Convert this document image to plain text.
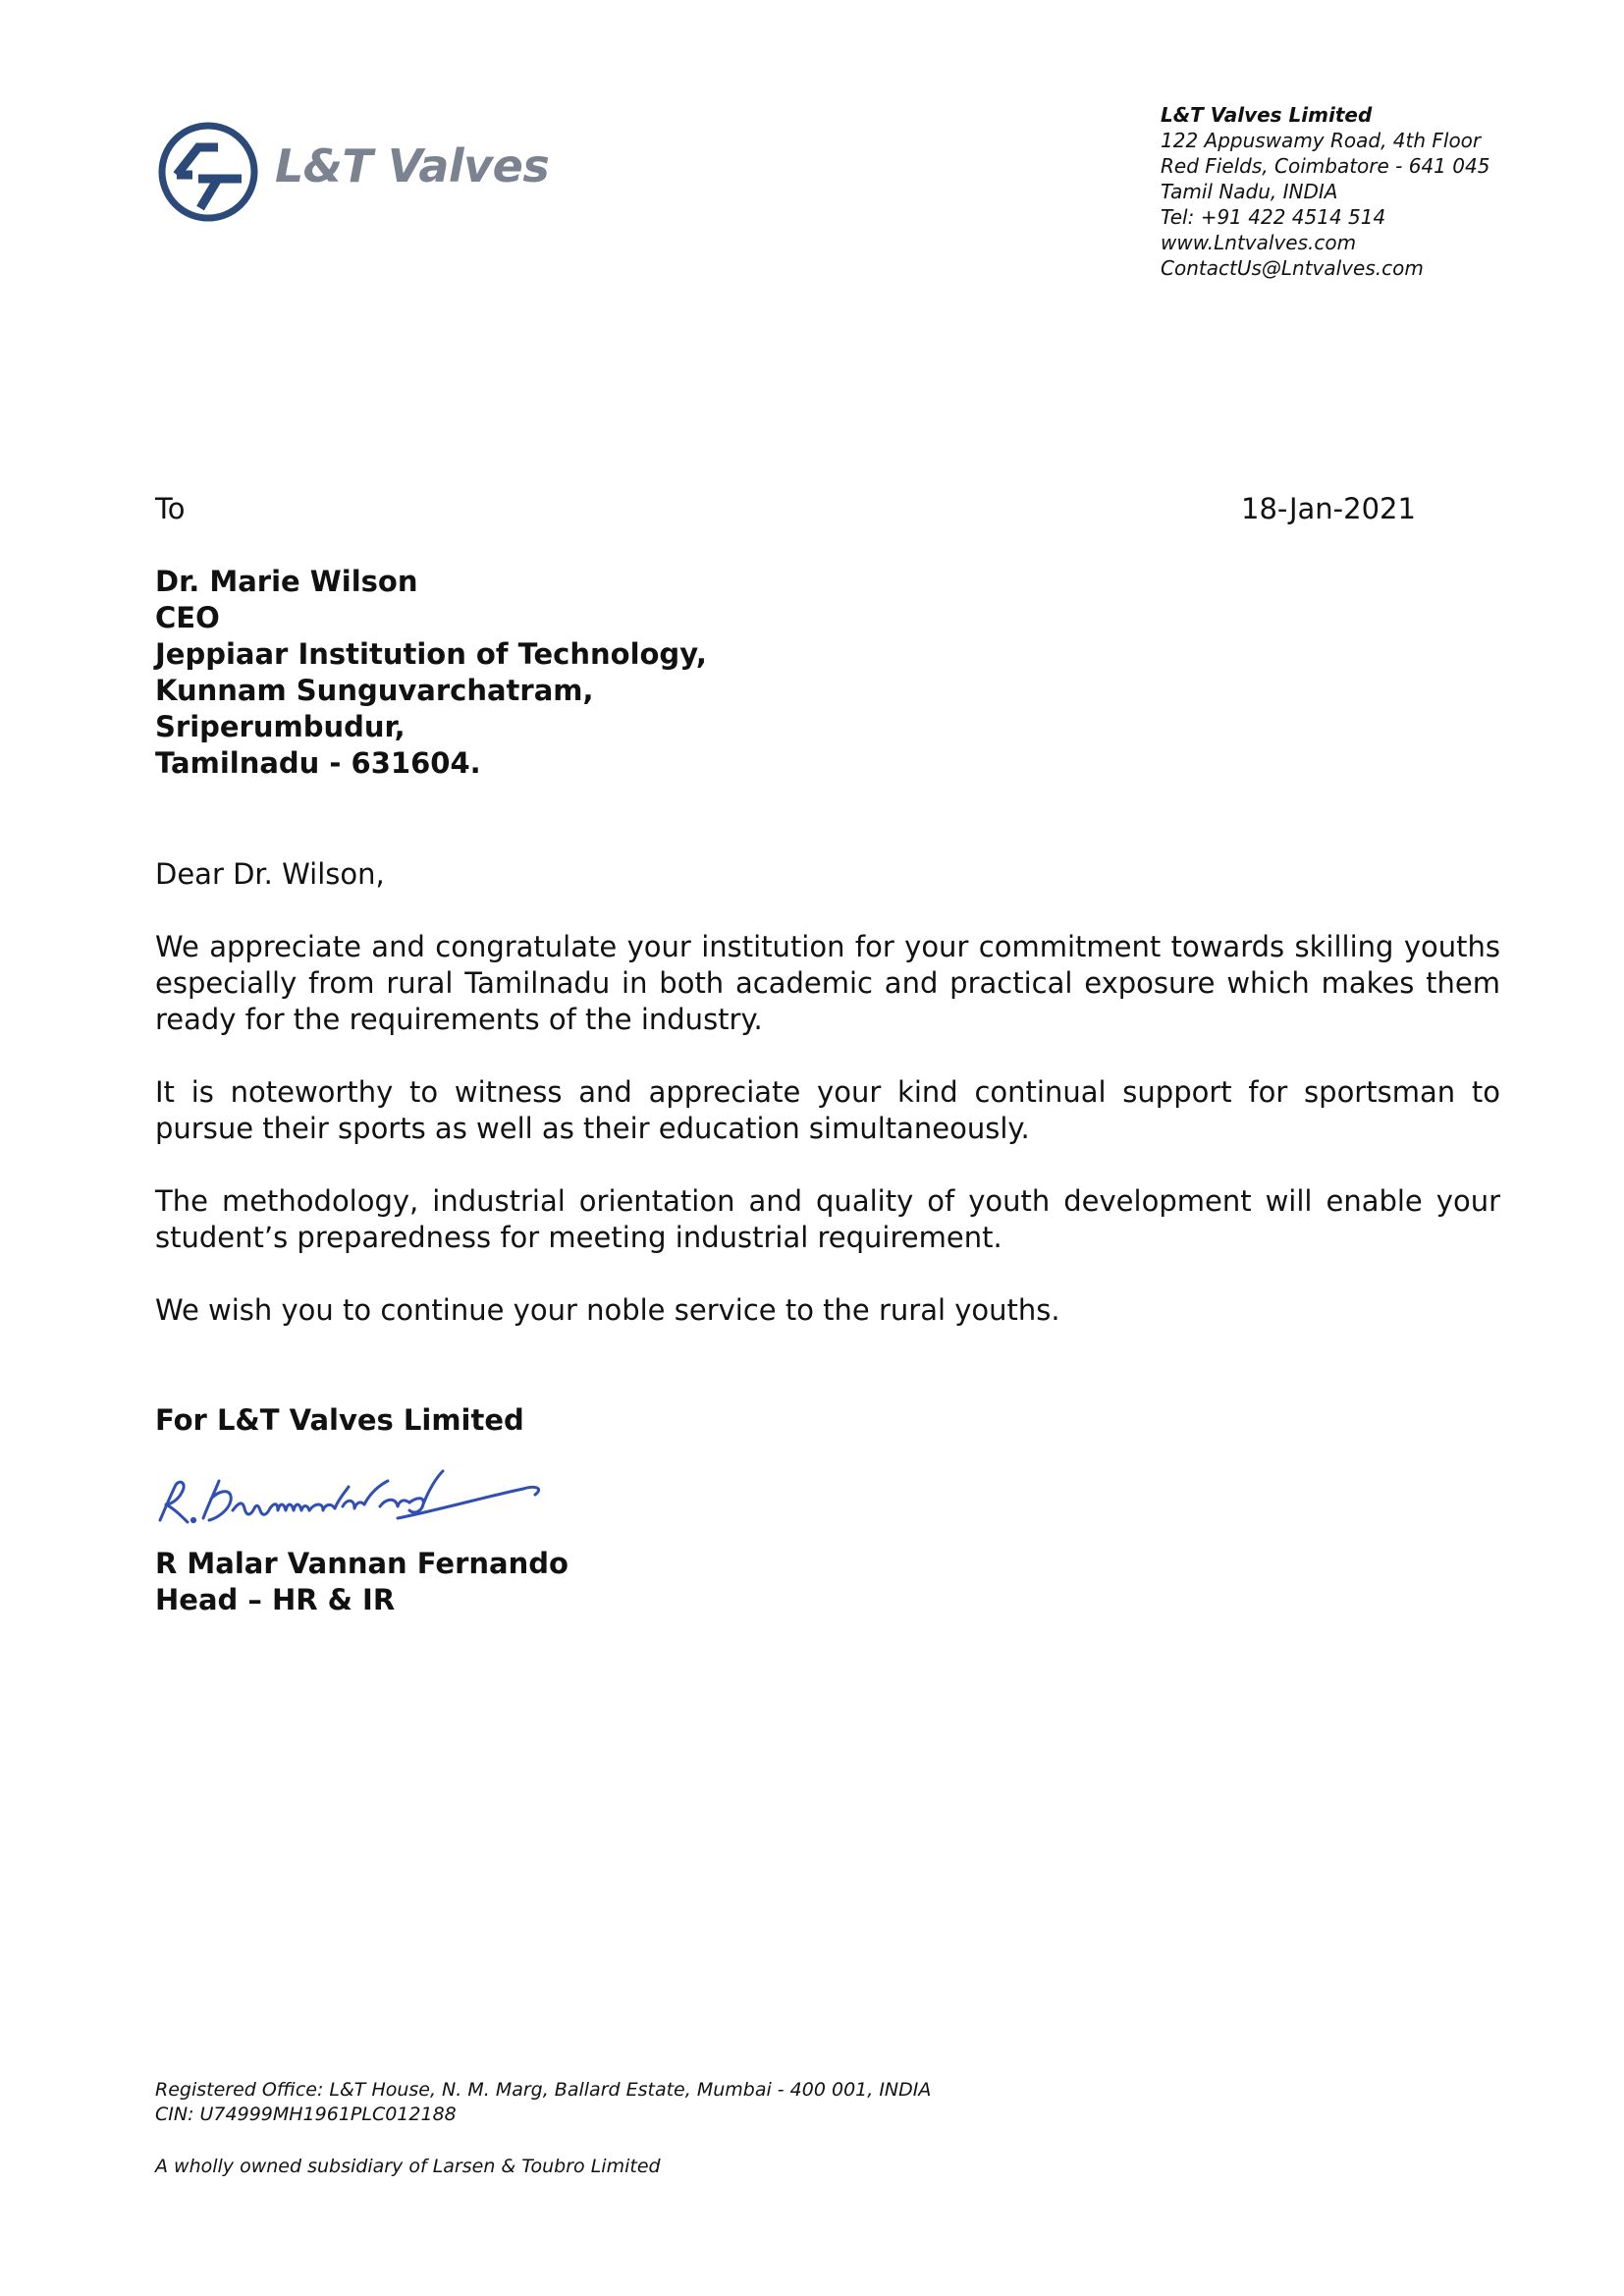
L&T Valves
L&T Valves Limited
122 Appuswamy Road, 4th Floor
Red Fields, Coimbatore - 641 045
Tamil Nadu, INDIA
Tel: +91 422 4514 514
www.Lntvalves.com
ContactUs@Lntvalves.com
To	18-Jan-2021
Dr. Marie Wilson
CEO
Jeppiaar Institution of Technology,
Kunnam Sunguvarchatram,
Sriperumbudur,
Tamilnadu - 631604.
Dear Dr. Wilson,
We appreciate and congratulate your institution for your commitment towards skilling youths especially from rural Tamilnadu in both academic and practical exposure which makes them ready for the requirements of the industry.
It is noteworthy to witness and appreciate your kind continual support for sportsman to pursue their sports as well as their education simultaneously.
The methodology, industrial orientation and quality of youth development will enable your student’s preparedness for meeting industrial requirement.
We wish you to continue your noble service to the rural youths.
For L&T Valves Limited
R Malar Vannan Fernando
Head – HR & IR
Registered Office: L&T House, N. M. Marg, Ballard Estate, Mumbai - 400 001, INDIA
CIN: U74999MH1961PLC012188
A wholly owned subsidiary of Larsen & Toubro Limited
